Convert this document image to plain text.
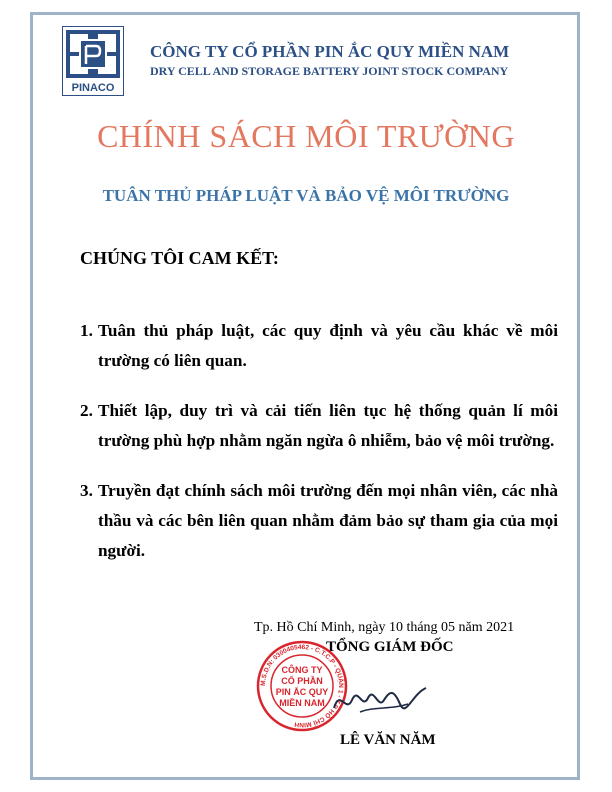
PINACO
CÔNG TY CỔ PHẦN PIN ẮC QUY MIỀN NAM
DRY CELL AND STORAGE BATTERY JOINT STOCK COMPANY
CHÍNH SÁCH MÔI TRƯỜNG
TUÂN THỦ PHÁP LUẬT VÀ BẢO VỆ MÔI TRƯỜNG
CHÚNG TÔI CAM KẾT:
1. Tuân thủ pháp luật, các quy định và yêu cầu khác về môi trường có liên quan.
2. Thiết lập, duy trì và cải tiến liên tục hệ thống quản lí môi trường phù hợp nhằm ngăn ngừa ô nhiễm, bảo vệ môi trường.
3. Truyền đạt chính sách môi trường đến mọi nhân viên, các nhà thầu và các bên liên quan nhằm đảm bảo sự tham gia của mọi người.
Tp. Hồ Chí Minh, ngày 10 tháng 05 năm 2021
TỔNG GIÁM ĐỐC
M.S.D.N: 0300405462 - C.T.C.P - QUẬN 1 - T.P HỒ CHÍ MINH
CÔNG TY
CỔ PHẦN
PIN ẮC QUY
MIỀN NAM
LÊ VĂN NĂM
